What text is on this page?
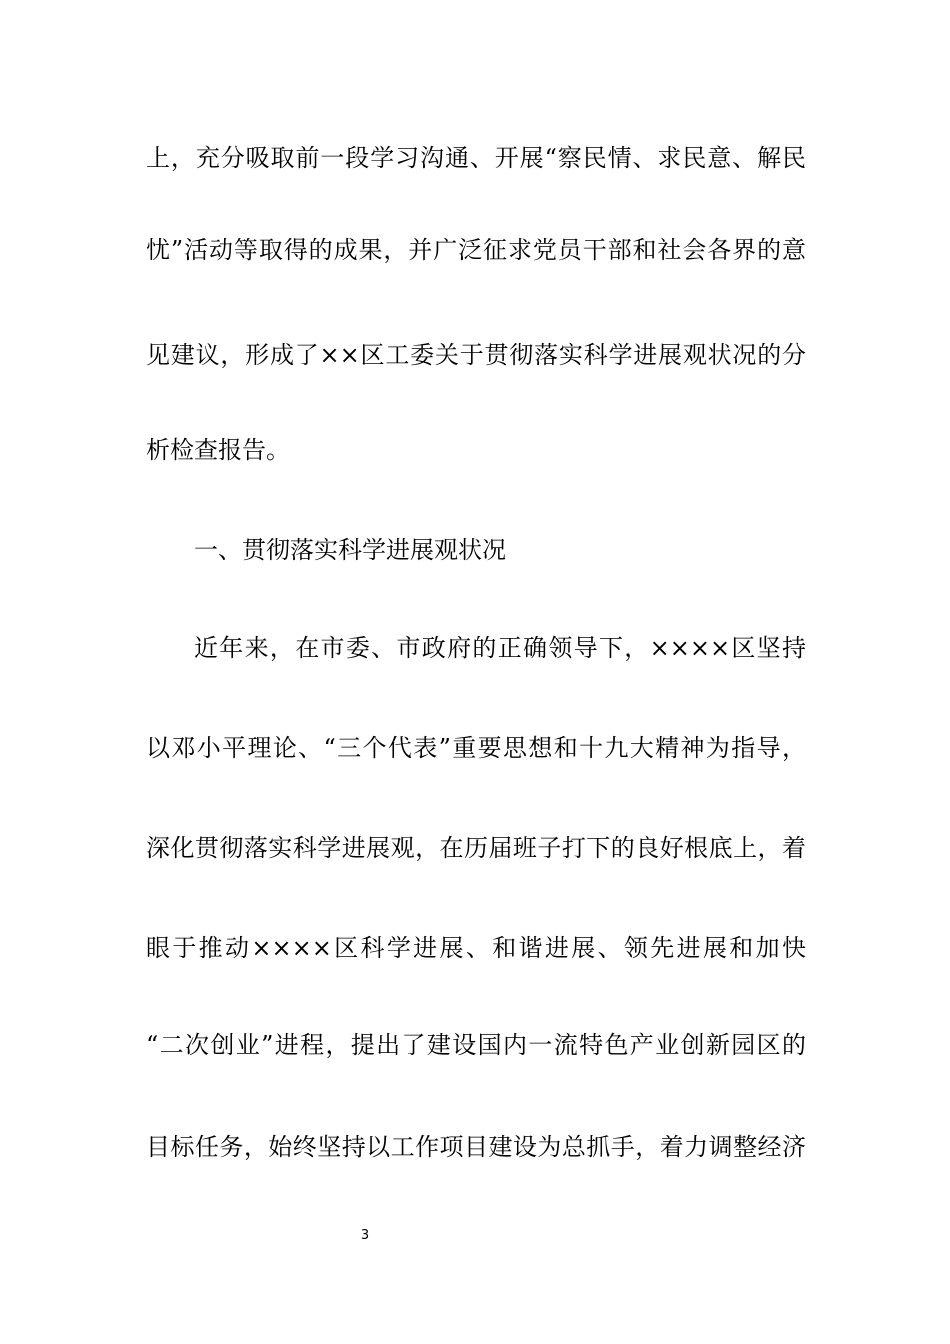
上，充分吸取前一段学习沟通、开展“察民情、求民意、解民
忧”活动等取得的成果，并广泛征求党员干部和社会各界的意
见建议，形成了××区工委关于贯彻落实科学进展观状况的分
析检查报告。
一、贯彻落实科学进展观状况
近年来，在市委、市政府的正确领导下，××××区坚持
以邓小平理论、“三个代表”重要思想和十九大精神为指导，
深化贯彻落实科学进展观，在历届班子打下的良好根底上，着
眼于推动××××区科学进展、和谐进展、领先进展和加快
“二次创业”进程，提出了建设国内一流特色产业创新园区的
目标任务，始终坚持以工作项目建设为总抓手，着力调整经济
3
